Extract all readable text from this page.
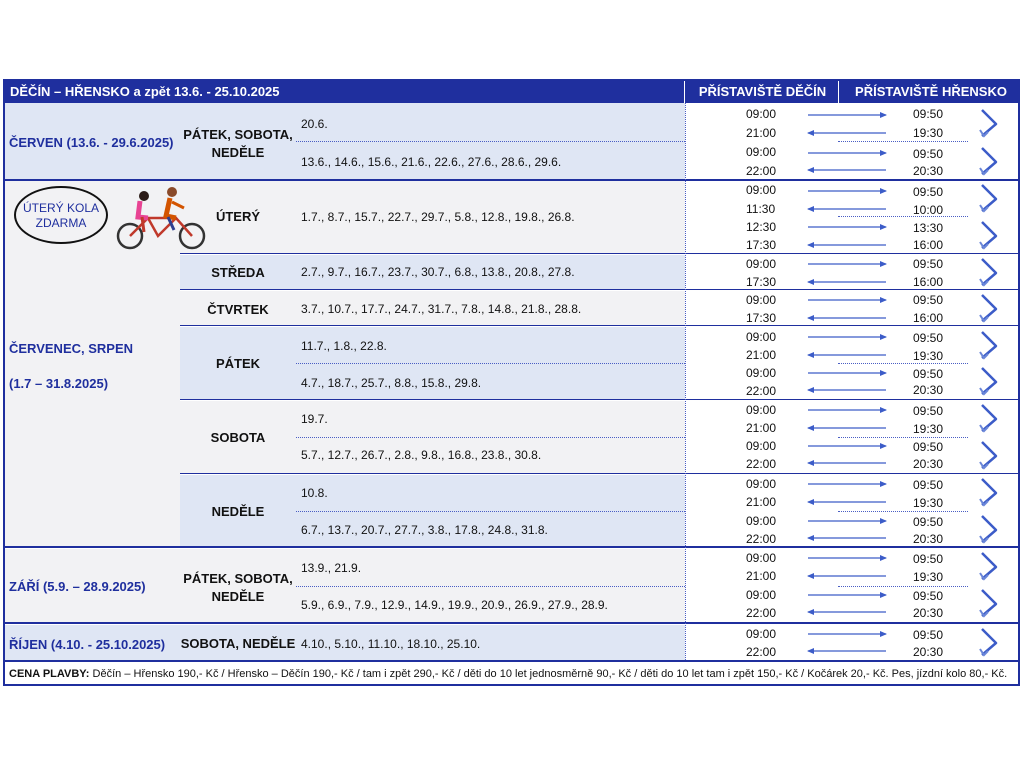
DĚČÍN – HŘENSKO a zpět 13.6. - 25.10.2025	PŘÍSTAVIŠTĚ DĚČÍN	PŘÍSTAVIŠTĚ HŘENSKO
ČERVEN (13.6. - 29.6.2025)
ČERVENEC, SRPEN
(1.7 – 31.8.2025)
ZÁŘÍ (5.9. – 28.9.2025)
ŘÍJEN (4.10. - 25.10.2025)
ÚTERÝ KOLA
ZDARMA
PÁTEK, SOBOTA, NEDĚLE
ÚTERÝ
STŘEDA
ČTVRTEK
PÁTEK
SOBOTA
NEDĚLE
PÁTEK, SOBOTA, NEDĚLE
SOBOTA, NEDĚLE
20.6.
13.6., 14.6., 15.6., 21.6., 22.6., 27.6., 28.6., 29.6.
1.7., 8.7., 15.7., 22.7., 29.7., 5.8., 12.8., 19.8., 26.8.
2.7., 9.7., 16.7., 23.7., 30.7., 6.8., 13.8., 20.8., 27.8.
3.7., 10.7., 17.7., 24.7., 31.7., 7.8., 14.8., 21.8., 28.8.
11.7., 1.8., 22.8.
4.7., 18.7., 25.7., 8.8., 15.8., 29.8.
19.7.
5.7., 12.7., 26.7., 2.8., 9.8., 16.8., 23.8., 30.8.
10.8.
6.7., 13.7., 20.7., 27.7., 3.8., 17.8., 24.8., 31.8.
13.9., 21.9.
5.9., 6.9., 7.9., 12.9., 14.9., 19.9., 20.9., 26.9., 27.9., 28.9.
4.10., 5.10., 11.10., 18.10., 25.10.
09:00
21:00
09:50
19:30
09:00
22:00
09:50
20:30
09:00
11:30
12:30
17:30
09:50
10:00
13:30
16:00
09:00
17:30
09:50
16:00
09:00
17:30
09:50
16:00
09:00
21:00
09:50
19:30
09:00
22:00
09:50
20:30
09:00
21:00
09:50
19:30
09:00
22:00
09:50
20:30
09:00
21:00
09:50
19:30
09:00
22:00
09:50
20:30
09:00
21:00
09:50
19:30
09:00
22:00
09:50
20:30
09:00
22:00
09:50
20:30
CENA PLAVBY: Děčín – Hřensko 190,- Kč / Hřensko – Děčín 190,- Kč / tam i zpět 290,- Kč / děti do 10 let jednosměrně 90,- Kč / děti do 10 let tam i zpět 150,- Kč / Kočárek 20,- Kč. Pes, jízdní kolo 80,- Kč.
